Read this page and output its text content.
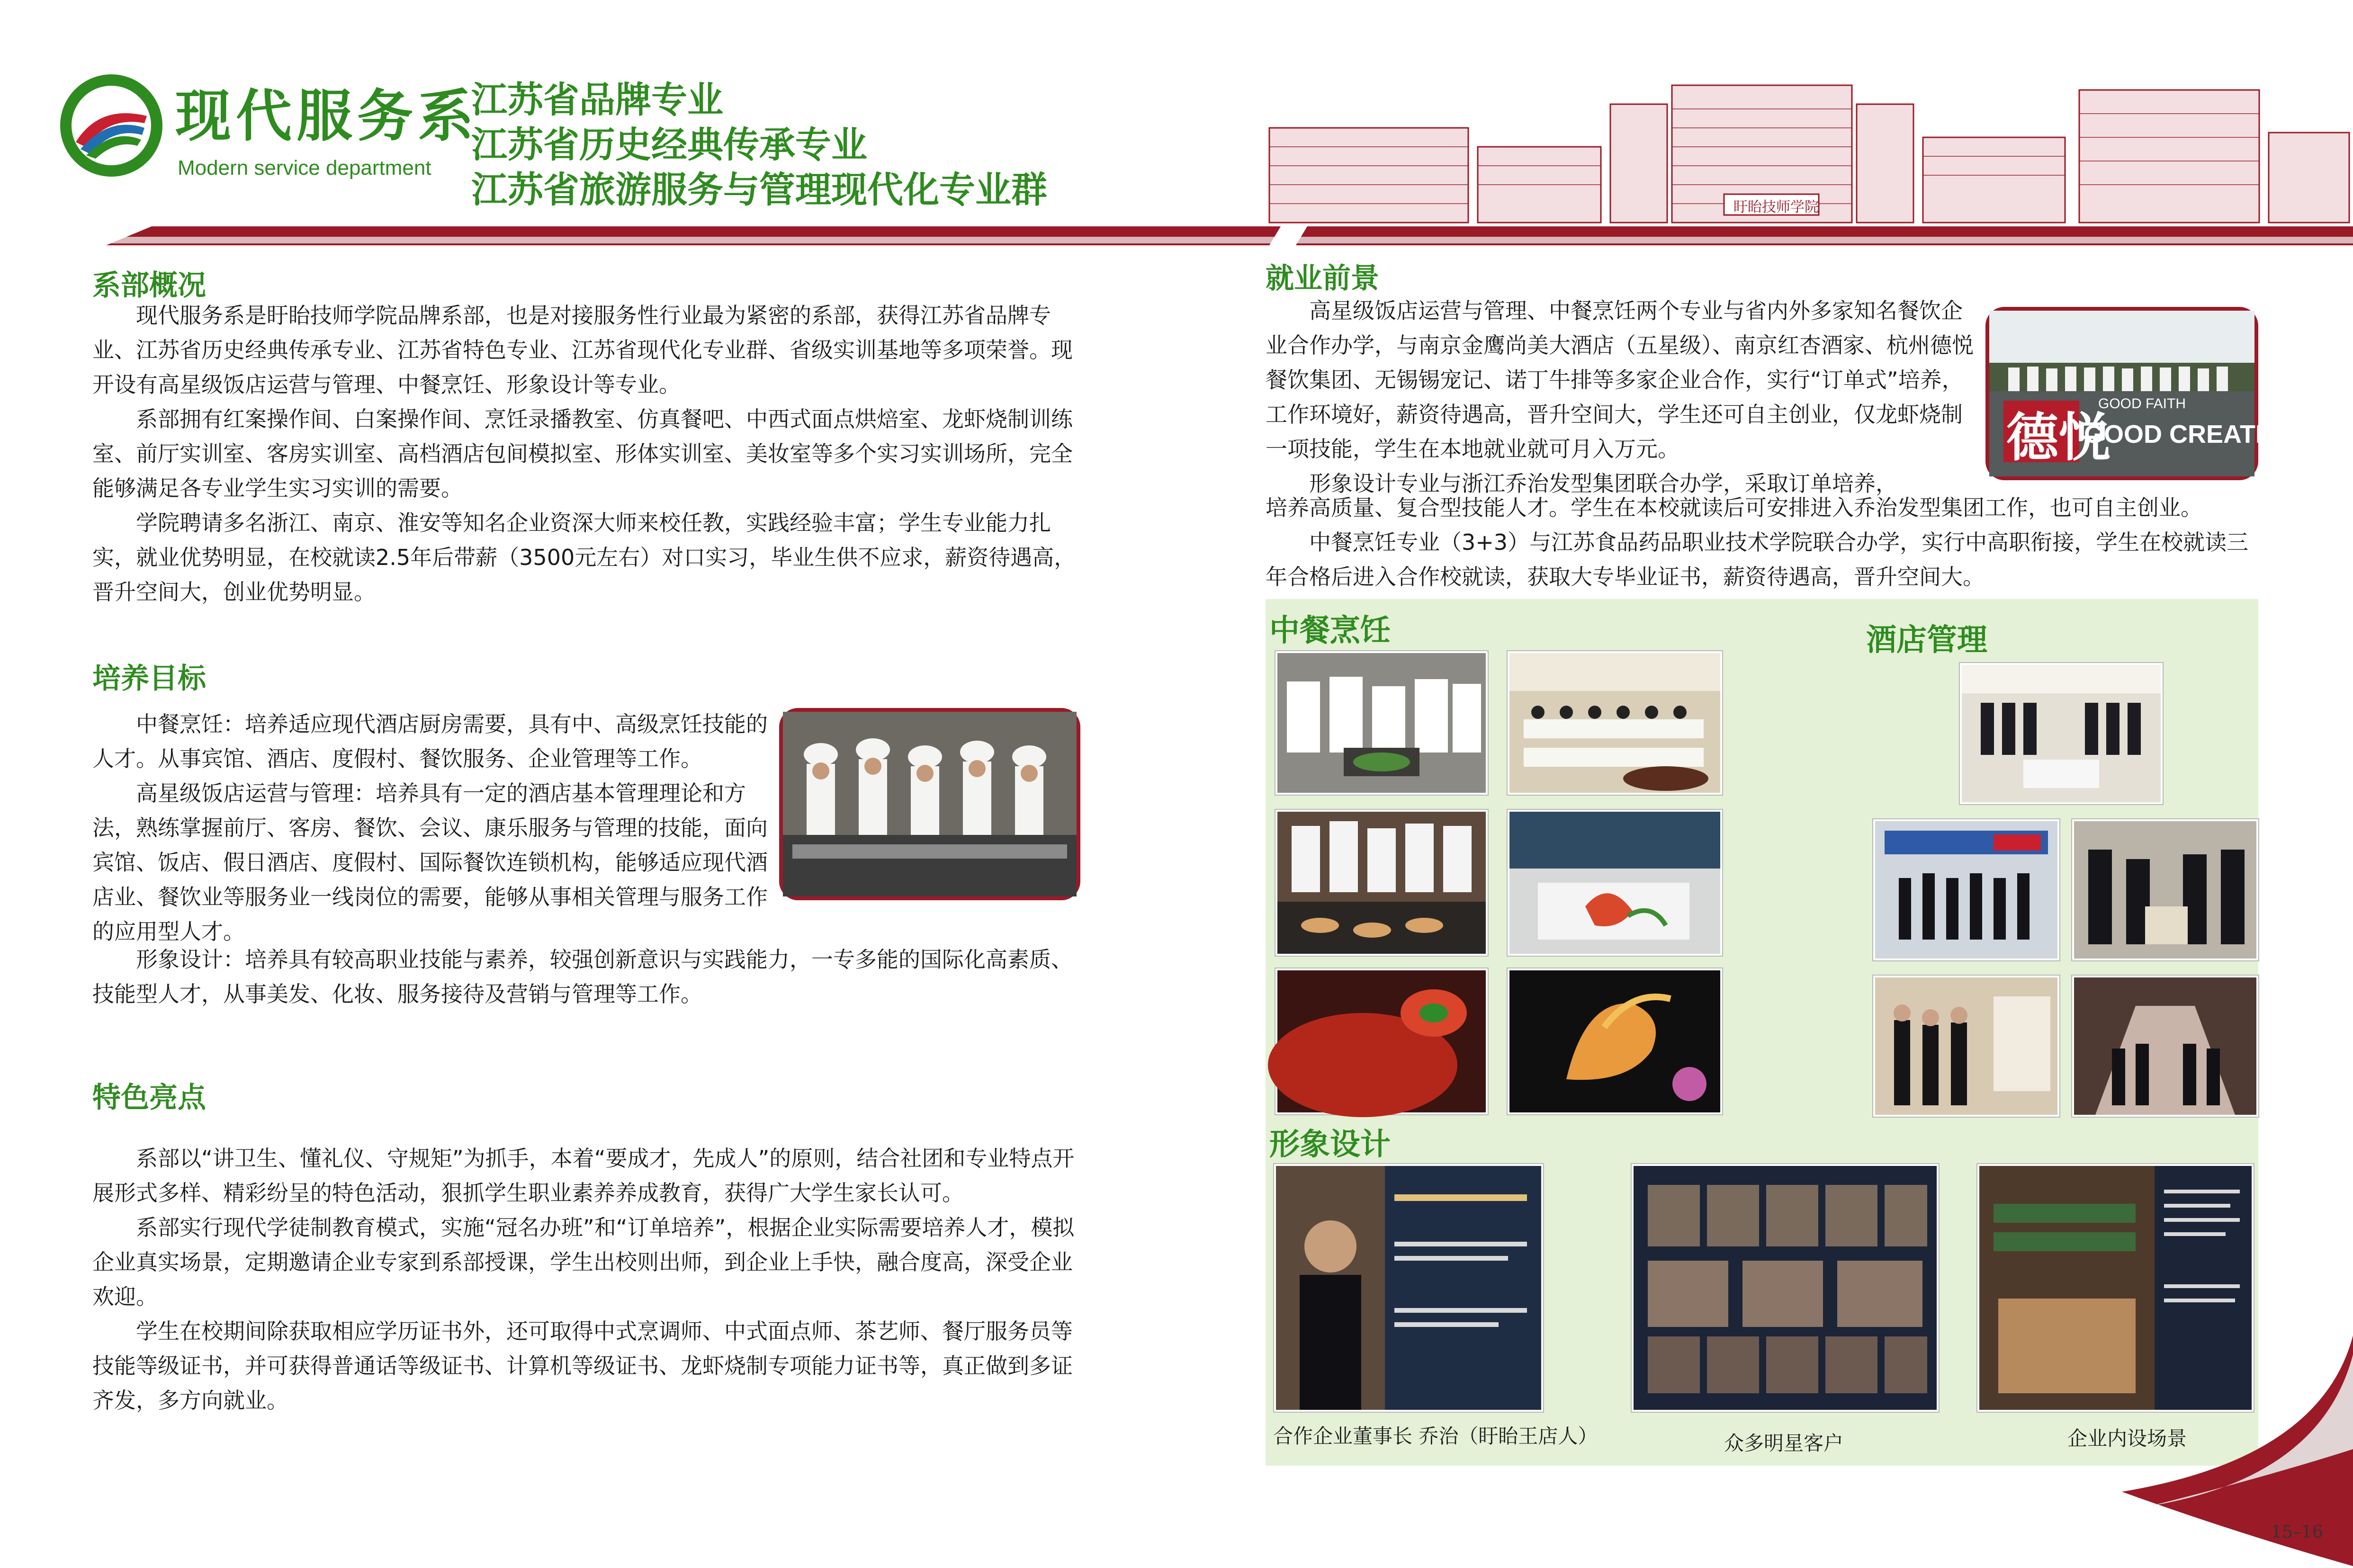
现代服务系
Modern service department
江苏省品牌专业
江苏省历史经典传承专业
江苏省旅游服务与管理现代化专业群	盱眙技师学院
系部概况

现代服务系是盱眙技师学院品牌系部，也是对接服务性行业最为紧密的系部，获得江苏省品牌专业、江苏省历史经典传承专业、江苏省特色专业、江苏省现代化专业群、省级实训基地等多项荣誉。现开设有高星级饭店运营与管理、中餐烹饪、形象设计等专业。

系部拥有红案操作间、白案操作间、烹饪录播教室、仿真餐吧、中西式面点烘焙室、龙虾烧制训练室、前厅实训室、客房实训室、高档酒店包间模拟室、形体实训室、美妆室等多个实习实训场所，完全能够满足各专业学生实习实训的需要。

学院聘请多名浙江、南京、淮安等知名企业资深大师来校任教，实践经验丰富；学生专业能力扎实，就业优势明显，在校就读2.5年后带薪（3500元左右）对口实习，毕业生供不应求，薪资待遇高，晋升空间大，创业优势明显。

培养目标

中餐烹饪：培养适应现代酒店厨房需要，具有中、高级烹饪技能的人才。从事宾馆、酒店、度假村、餐饮服务、企业管理等工作。

高星级饭店运营与管理：培养具有一定的酒店基本管理理论和方法，熟练掌握前厅、客房、餐饮、会议、康乐服务与管理的技能，面向宾馆、饭店、假日酒店、度假村、国际餐饮连锁机构，能够适应现代酒店业、餐饮业等服务业一线岗位的需要，能够从事相关管理与服务工作的应用型人才。

形象设计：培养具有较高职业技能与素养，较强创新意识与实践能力，一专多能的国际化高素质、技能型人才，从事美发、化妆、服务接待及营销与管理等工作。

特色亮点

系部以“讲卫生、懂礼仪、守规矩”为抓手，本着“要成才，先成人”的原则，结合社团和专业特点开展形式多样、精彩纷呈的特色活动，狠抓学生职业素养养成教育，获得广大学生家长认可。

系部实行现代学徒制教育模式，实施“冠名办班”和“订单培养”，根据企业实际需要培养人才，模拟企业真实场景，定期邀请企业专家到系部授课，学生出校则出师，到企业上手快，融合度高，深受企业欢迎。

学生在校期间除获取相应学历证书外，还可取得中式烹调师、中式面点师、茶艺师、餐厅服务员等技能等级证书，并可获得普通话等级证书、计算机等级证书、龙虾烧制专项能力证书等，真正做到多证齐发，多方向就业。

就业前景

高星级饭店运营与管理、中餐烹饪两个专业与省内外多家知名餐饮企业合作办学，与南京金鹰尚美大酒店（五星级）、南京红杏酒家、杭州德悦餐饮集团、无锡锡宠记、诺丁牛排等多家企业合作，实行“订单式”培养，工作环境好，薪资待遇高，晋升空间大，学生还可自主创业，仅龙虾烧制一项技能，学生在本地就业就可月入万元。

形象设计专业与浙江乔治发型集团联合办学，采取订单培养，

培养高质量、复合型技能人才。学生在本校就读后可安排进入乔治发型集团工作，也可自主创业。

中餐烹饪专业（3+3）与江苏食品药品职业技术学院联合办学，实行中高职衔接，学生在校就读三年合格后进入合作校就读，获取大专毕业证书，薪资待遇高，晋升空间大。

德悦
GOOD FAITH
GOOD CREATION
中餐烹饪	酒店管理
形象设计
合作企业董事长 乔治（盱眙王店人）	众多明星客户	企业内设场景
15–16
